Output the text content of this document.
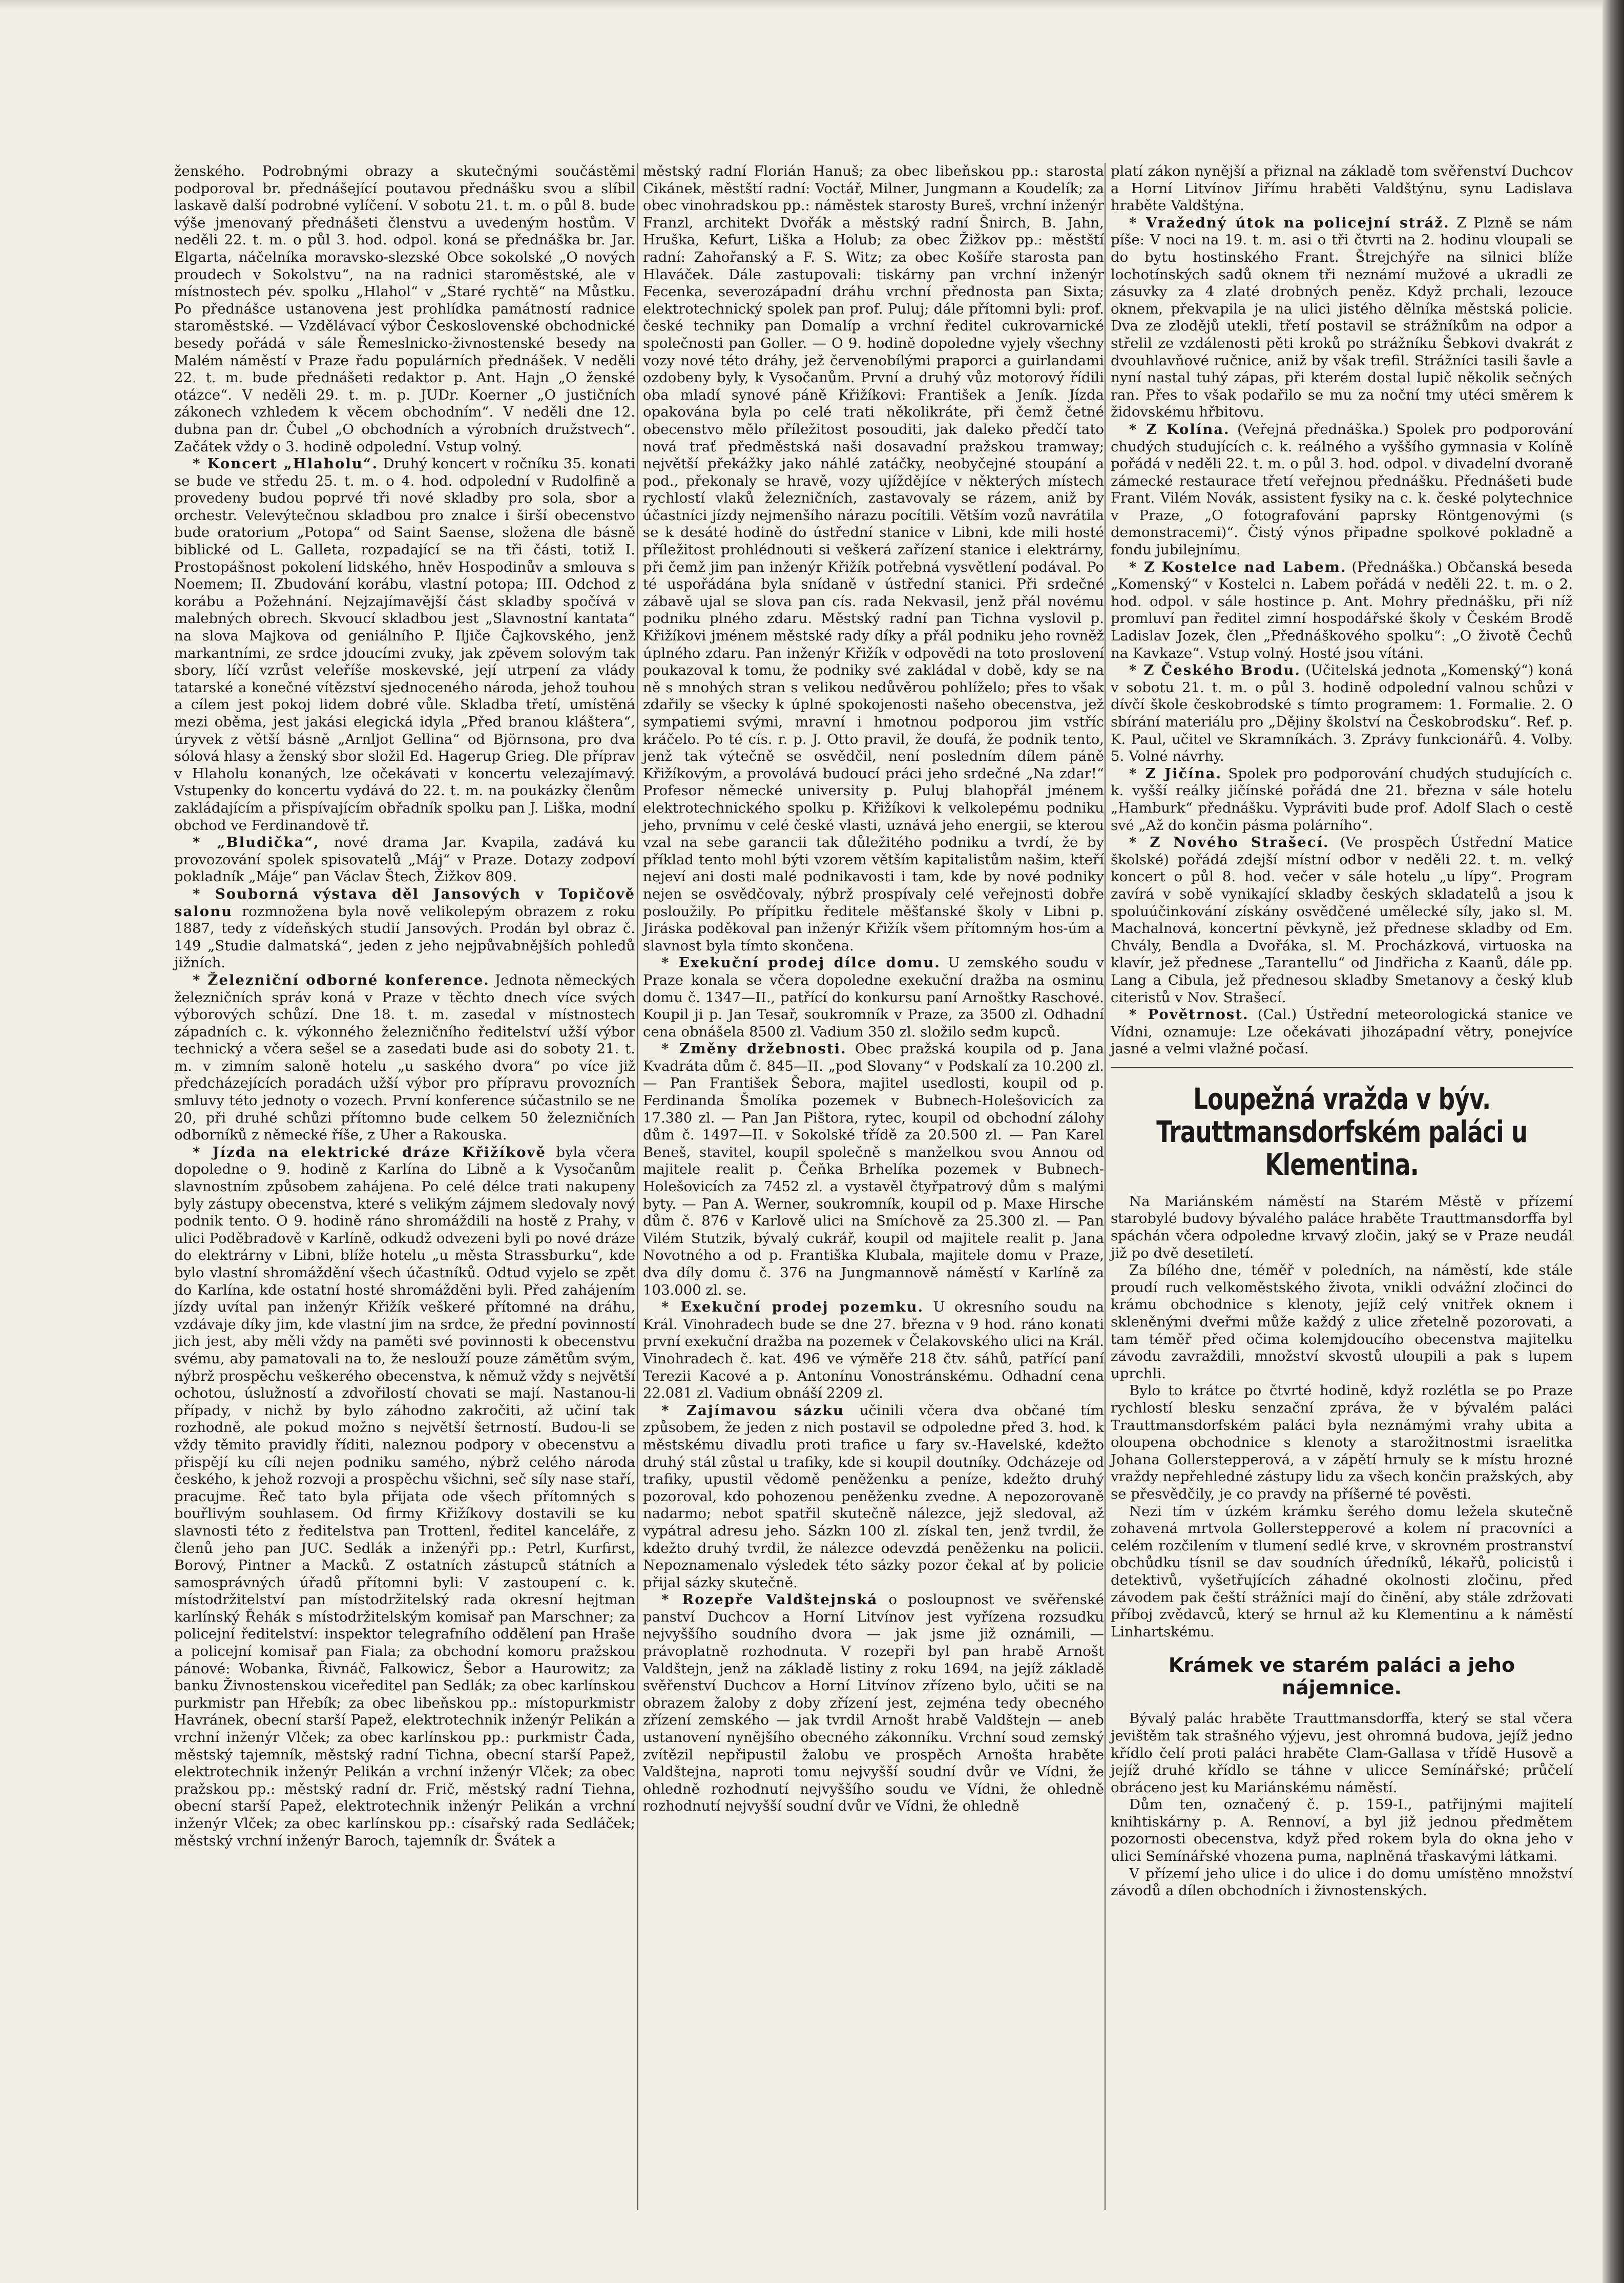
ženského. Podrobnými obrazy a skutečnými součástěmi podporoval br. přednášející poutavou přednášku svou a slíbil laskavě další podrobné vylíčení. V sobotu 21. t. m. o půl 8. bude výše jmenovaný přednášeti členstvu a uvedeným hostům. V neděli 22. t. m. o půl 3. hod. odpol. koná se přednáška br. Jar. Elgarta, náčelníka moravsko-slezské Obce sokolské „O nových proudech v Sokolstvu“, na na radnici staroměstské, ale v místnostech pév. spolku „Hlahol“ v „Staré rychtě“ na Můstku. Po přednášce ustanovena jest prohlídka památností radnice staroměstské. — Vzdělávací výbor Československé obchodnické besedy pořádá v sále Řemeslnicko-živnostenské besedy na Malém náměstí v Praze řadu populárních přednášek. V neděli 22. t. m. bude přednášeti redaktor p. Ant. Hajn „O ženské otázce“. V neděli 29. t. m. p. JUDr. Koerner „O justičních zákonech vzhledem k věcem obchodním“. V neděli dne 12. dubna pan dr. Čubel „O obchodních a výrobních družstvech“. Začátek vždy o 3. hodině odpolední. Vstup volný.

* Koncert „Hlaholu“. Druhý koncert v ročníku 35. konati se bude ve středu 25. t. m. o 4. hod. odpolední v Rudolfině a provedeny budou poprvé tři nové skladby pro sola, sbor a orchestr. Velevýtečnou skladbou pro znalce i širší obecenstvo bude oratorium „Potopa“ od Saint Saense, složena dle básně biblické od L. Galleta, rozpadající se na tři části, totiž I. Prostopášnost pokolení lidského, hněv Hospodinův a smlouva s Noemem; II. Zbudování korábu, vlastní potopa; III. Odchod z korábu a Požehnání. Nejzajímavější část skladby spočívá v malebných obrech. Skvoucí skladbou jest „Slavnostní kantata“ na slova Majkova od geniálního P. Iljiče Čajkovského, jenž markantními, ze srdce jdoucími zvuky, jak zpěvem solovým tak sbory, líčí vzrůst veleříše moskevské, její utrpení za vlády tatarské a konečné vítězství sjednoceného národa, jehož touhou a cílem jest pokoj lidem dobré vůle. Skladba třetí, umístěná mezi oběma, jest jakási elegická idyla „Před branou kláštera“, úryvek z větší básně „Arnljot Gellina“ od Björnsona, pro dva sólová hlasy a ženský sbor složil Ed. Hagerup Grieg. Dle příprav v Hlaholu konaných, lze očekávati v koncertu velezajímavý. Vstupenky do koncertu vydává do 22. t. m. na poukázky členům zakládajícím a přispívajícím obřadník spolku pan J. Liška, modní obchod ve Ferdinandově tř.

* „Bludička“, nové drama Jar. Kvapila, zadává ku provozování spolek spisovatelů „Máj“ v Praze. Dotazy zodpoví pokladník „Máje“ pan Václav Štech, Žižkov 809.

* Souborná výstava děl Jansových v Topičově salonu rozmnožena byla nově velikolepým obrazem z roku 1887, tedy z vídeňských studií Jansových. Prodán byl obraz č. 149 „Studie dalmatská“, jeden z jeho nejpůvabnějších pohledů jižních.

* Železniční odborné konference. Jednota německých železničních správ koná v Praze v těchto dnech více svých výborových schůzí. Dne 18. t. m. zasedal v místnostech západních c. k. výkonného železničního ředitelství užší výbor technický a včera sešel se a zasedati bude asi do soboty 21. t. m. v zimním saloně hotelu „u saského dvora“ po více již předcházejících poradách užší výbor pro přípravu provozních smluvy této jednoty o vozech. První konference súčastnilo se ne 20, při druhé schůzi přítomno bude celkem 50 železničních odborníků z německé říše, z Uher a Rakouska.

* Jízda na elektrické dráze Křižíkově byla včera dopoledne o 9. hodině z Karlína do Libně a k Vysočanům slavnostním způsobem zahájena. Po celé délce trati nakupeny byly zástupy obecenstva, které s velikým zájmem sledovaly nový podnik tento. O 9. hodině ráno shromáždili na hostě z Prahy, v ulici Poděbradově v Karlíně, odkudž odvezeni byli po nové dráze do elektrárny v Libni, blíže hotelu „u města Strassburku“, kde bylo vlastní shromáždění všech účastníků. Odtud vyjelo se zpět do Karlína, kde ostatní hosté shromážděni byli. Před zahájením jízdy uvítal pan inženýr Křižík veškeré přítomné na dráhu, vzdávaje díky jim, kde vlastní jim na srdce, že přední povinností jich jest, aby měli vždy na paměti své povinnosti k obecenstvu svému, aby pamatovali na to, že neslouží pouze zámětům svým, nýbrž prospěchu veškerého obecenstva, k němuž vždy s největší ochotou, úslužností a zdvořilostí chovati se mají. Nastanou-li případy, v nichž by bylo záhodno zakročiti, až učiní tak rozhodně, ale pokud možno s největší šetrností. Budou-li se vždy těmito pravidly říditi, naleznou podpory v obecenstvu a přispějí ku cíli nejen podniku samého, nýbrž celého národa českého, k jehož rozvoji a prospěchu všichni, seč síly nase staří, pracujme. Řeč tato byla přijata ode všech přítomných s bouřlivým souhlasem. Od firmy Křižíkovy dostavili se ku slavnosti této z ředitelstva pan Trottenl, ředitel kanceláře, z členů jeho pan JUC. Sedlák a inženýři pp.: Petrl, Kurfirst, Borový, Pintner a Macků. Z ostatních zástupců státních a samosprávných úřadů přítomni byli: V zastoupení c. k. místodržitelství pan místodržitelský rada okresní hejtman karlínský Řehák s místodržitelským komisař pan Marschner; za policejní ředitelství: inspektor telegrafního oddělení pan Hraše a policejní komisař pan Fiala; za obchodní komoru pražskou pánové: Wobanka, Řivnáč, Falkowicz, Šebor a Haurowitz; za banku Živnostenskou viceředitel pan Sedlák; za obec karlínskou purkmistr pan Hřebík; za obec libeňskou pp.: místopurkmistr Havránek, obecní starší Papež, elektrotechnik inženýr Pelikán a vrchní inženýr Vlček; za obec karlínskou pp.: purkmistr Čada, městský tajemník, městský radní Tichna, obecní starší Papež, elektrotechnik inženýr Pelikán a vrchní inženýr Vlček; za obec pražskou pp.: městský radní dr. Frič, městský radní Tiehna, obecní starší Papež, elektrotechnik inženýr Pelikán a vrchní inženýr Vlček; za obec karlínskou pp.: císařský rada Sedláček; městský vrchní inženýr Baroch, tajemník dr. Švátek a

městský radní Florián Hanuš; za obec libeňskou pp.: starosta Cikánek, městští radní: Voctář, Milner, Jungmann a Koudelík; za obec vinohradskou pp.: náměstek starosty Bureš, vrchní inženýr Franzl, architekt Dvořák a městský radní Šnirch, B. Jahn, Hruška, Kefurt, Liška a Holub; za obec Žižkov pp.: městští radní: Zahořanský a F. S. Witz; za obec Košíře starosta pan Hlaváček. Dále zastupovali: tiskárny pan vrchní inženýr Fecenka, severozápadní dráhu vrchní přednosta pan Sixta; elektrotechnický spolek pan prof. Puluj; dále přítomni byli: prof. české techniky pan Domalíp a vrchní ředitel cukrovarnické společnosti pan Goller. — O 9. hodině dopoledne vyjely všechny vozy nové této dráhy, jež červenobílými praporci a guirlandami ozdobeny byly, k Vysočanům. První a druhý vůz motorový řídili oba mladí synové páně Křižíkovi: František a Jeník. Jízda opakována byla po celé trati několikráte, při čemž četné obecenstvo mělo příležitost posouditi, jak daleko předčí tato nová trať předměstská naši dosavadní pražskou tramway; největší překážky jako náhlé zatáčky, neobyčejné stoupání a pod., překonaly se hravě, vozy ujíždějíce v některých místech rychlostí vlaků železničních, zastavovaly se rázem, aniž by účastníci jízdy nejmenšího nárazu pocítili. Větším vozů navrátila se k desáté hodině do ústřední stanice v Libni, kde mili hosté příležitost prohlédnouti si veškerá zařízení stanice i elektrárny, při čemž jim pan inženýr Křižík potřebná vysvětlení podával. Po té uspořádána byla snídaně v ústřední stanici. Při srdečné zábavě ujal se slova pan cís. rada Nekvasil, jenž přál novému podniku plného zdaru. Městský radní pan Tichna vyslovil p. Křižíkovi jménem městské rady díky a přál podniku jeho rovněž úplného zdaru. Pan inženýr Křižík v odpovědi na toto proslovení poukazoval k tomu, že podniky své zakládal v době, kdy se na ně s mnohých stran s velikou nedůvěrou pohlíželo; přes to však zdařily se všecky k úplné spokojenosti našeho obecenstva, jež sympatiemi svými, mravní i hmotnou podporou jim vstříc kráčelo. Po té cís. r. p. J. Otto pravil, že doufá, že podnik tento, jenž tak výtečně se osvědčil, není posledním dílem páně Křižíkovým, a provolává budoucí práci jeho srdečné „Na zdar!“ Profesor německé university p. Puluj blahopřál jménem elektrotechnického spolku p. Křižíkovi k velkolepému podniku jeho, prvnímu v celé české vlasti, uznává jeho energii, se kterou vzal na sebe garancii tak důležitého podniku a tvrdí, že by příklad tento mohl býti vzorem větším kapitalistům našim, kteří nejeví ani dosti malé podnikavosti i tam, kde by nové podniky nejen se osvědčovaly, nýbrž prospívaly celé veřejnosti dobře posloužily. Po přípitku ředitele měšťanské školy v Libni p. Jiráska poděkoval pan inženýr Křižík všem přítomným hos-úm a slavnost byla tímto skončena.

* Exekuční prodej dílce domu. U zemského soudu v Praze konala se včera dopoledne exekuční dražba na osminu domu č. 1347—II., patřící do konkursu paní Arnoštky Raschové. Koupil ji p. Jan Tesař, soukromník v Praze, za 3500 zl. Odhadní cena obnášela 8500 zl. Vadium 350 zl. složilo sedm kupců.

* Změny držebnosti. Obec pražská koupila od p. Jana Kvadráta dům č. 845—II. „pod Slovany“ v Podskalí za 10.200 zl. — Pan František Šebora, majitel usedlosti, koupil od p. Ferdinanda Šmolíka pozemek v Bubnech-Holešovicích za 17.380 zl. — Pan Jan Pištora, rytec, koupil od obchodní zálohy dům č. 1497—II. v Sokolské třídě za 20.500 zl. — Pan Karel Beneš, stavitel, koupil společně s manželkou svou Annou od majitele realit p. Čeňka Brhelíka pozemek v Bubnech-Holešovicích za 7452 zl. a vystavěl čtyřpatrový dům s malými byty. — Pan A. Werner, soukromník, koupil od p. Maxe Hirsche dům č. 876 v Karlově ulici na Smíchově za 25.300 zl. — Pan Vilém Stutzik, bývalý cukrář, koupil od majitele realit p. Jana Novotného a od p. Františka Klubala, majitele domu v Praze, dva díly domu č. 376 na Jungmannově náměstí v Karlíně za 103.000 zl. se.

* Exekuční prodej pozemku. U okresního soudu na Král. Vinohradech bude se dne 27. března v 9 hod. ráno konati první exekuční dražba na pozemek v Čelakovského ulici na Král. Vinohradech č. kat. 496 ve výměře 218 čtv. sáhů, patřící paní Terezii Kacové a p. Antonínu Vonostránskému. Odhadní cena 22.081 zl. Vadium obnáší 2209 zl.

* Zajímavou sázku učinili včera dva občané tím způsobem, že jeden z nich postavil se odpoledne před 3. hod. k městskému divadlu proti trafice u fary sv.-Havelské, kdežto druhý stál zůstal u trafiky, kde si koupil doutníky. Odcházeje od trafiky, upustil vědomě peněženku a peníze, kdežto druhý pozoroval, kdo pohozenou peněženku zvedne. A nepozorovaně nadarmo; nebot spatřil skutečně nálezce, jejž sledoval, až vypátral adresu jeho. Sázkn 100 zl. získal ten, jenž tvrdil, že kdežto druhý tvrdil, že nálezce odevzdá peněženku na policii. Nepoznamenalo výsledek této sázky pozor čekal ať by policie přijal sázky skutečně.

* Rozepře Valdštejnská o posloupnost ve svěřenské panství Duchcov a Horní Litvínov jest vyřízena rozsudku nejvyššího soudního dvora — jak jsme již oznámili, — právoplatně rozhodnuta. V rozepři byl pan hrabě Arnošt Valdštejn, jenž na základě listiny z roku 1694, na jejíž základě svěřenství Duchcov a Horní Litvínov zřízeno bylo, učiti se na obrazem žaloby z doby zřízení jest, zejména tedy obecného zřízení zemského — jak tvrdil Arnošt hrabě Valdštejn — aneb ustanovení nynějšího obecného zákonníku. Vrchní soud zemský zvítězil nepřipustil žalobu ve prospěch Arnošta hraběte Valdštejna, naproti tomu nejvyšší soudní dvůr ve Vídni, že ohledně rozhodnutí nejvyššího soudu ve Vídni, že ohledně rozhodnutí nejvyšší soudní dvůr ve Vídni, že ohledně

platí zákon nynější a přiznal na základě tom svěřenství Duchcov a Horní Litvínov Jiřímu hraběti Valdštýnu, synu Ladislava hraběte Valdštýna.

* Vražedný útok na policejní stráž. Z Plzně se nám píše: V noci na 19. t. m. asi o tři čtvrti na 2. hodinu vloupali se do bytu hostinského Frant. Štrejchýře na silnici blíže lochotínských sadů oknem tři neznámí mužové a ukradli ze zásuvky za 4 zlaté drobných peněz. Když prchali, lezouce oknem, překvapila je na ulici jistého dělníka městská policie. Dva ze zlodějů utekli, třetí postavil se strážníkům na odpor a střelil ze vzdálenosti pěti kroků po strážníku Šebkovi dvakrát z dvouhlavňové ručnice, aniž by však trefil. Strážníci tasili šavle a nyní nastal tuhý zápas, při kterém dostal lupič několik sečných ran. Přes to však podařilo se mu za noční tmy utéci směrem k židovskému hřbitovu.

* Z Kolína. (Veřejná přednáška.) Spolek pro podporování chudých studujících c. k. reálného a vyššího gymnasia v Kolíně pořádá v neděli 22. t. m. o půl 3. hod. odpol. v divadelní dvoraně zámecké restaurace třetí veřejnou přednášku. Přednášeti bude Frant. Vilém Novák, assistent fysiky na c. k. české polytechnice v Praze, „O fotografování paprsky Röntgenovými (s demonstracemi)“. Čistý výnos připadne spolkové pokladně a fondu jubilejnímu.

* Z Kostelce nad Labem. (Přednáška.) Občanská beseda „Komenský“ v Kostelci n. Labem pořádá v neděli 22. t. m. o 2. hod. odpol. v sále hostince p. Ant. Mohry přednášku, při níž promluví pan ředitel zimní hospodářské školy v Českém Brodě Ladislav Jozek, člen „Přednáškového spolku“: „O životě Čechů na Kavkaze“. Vstup volný. Hosté jsou vítáni.

* Z Českého Brodu. (Učitelská jednota „Komenský“) koná v sobotu 21. t. m. o půl 3. hodině odpolední valnou schůzi v dívčí škole českobrodské s tímto programem: 1. Formalie. 2. O sbírání materiálu pro „Dějiny školství na Českobrodsku“. Ref. p. K. Paul, učitel ve Skramníkách. 3. Zprávy funkcionářů. 4. Volby. 5. Volné návrhy.

* Z Jičína. Spolek pro podporování chudých studujících c. k. vyšší reálky jičínské pořádá dne 21. března v sále hotelu „Hamburk“ přednášku. Vypráviti bude prof. Adolf Slach o cestě své „Až do končin pásma polárního“.

* Z Nového Strašecí. (Ve prospěch Ústřední Matice školské) pořádá zdejší místní odbor v neděli 22. t. m. velký koncert o půl 8. hod. večer v sále hotelu „u lípy“. Program zavírá v sobě vynikající skladby českých skladatelů a jsou k spoluúčinkování získány osvědčené umělecké síly, jako sl. M. Machalnová, koncertní pěvkyně, jež přednese skladby od Em. Chvály, Bendla a Dvořáka, sl. M. Procházková, virtuoska na klavír, jež přednese „Tarantellu“ od Jindřicha z Kaanů, dále pp. Lang a Cibula, jež přednesou skladby Smetanovy a český klub citeristů v Nov. Strašecí.

* Povětrnost. (Cal.) Ústřední meteorologická stanice ve Vídni, oznamuje: Lze očekávati jihozápadní větry, ponejvíce jasné a velmi vlažné počasí.

Loupežná vražda v býv. Trauttmansdorfském paláci u Klementina.

Na Mariánském náměstí na Starém Městě v přízemí starobylé budovy bývalého paláce hraběte Trauttmansdorffa byl spáchán včera odpoledne krvavý zločin, jaký se v Praze neudál již po dvě desetiletí.

Za bílého dne, téměř v poledních, na náměstí, kde stále proudí ruch velkoměstského života, vnikli odvážní zločinci do krámu obchodnice s klenoty, jejíž celý vnitřek oknem i skleněnými dveřmi může každý z ulice zřetelně pozorovati, a tam téměř před očima kolemjdoucího obecenstva majitelku závodu zavraždili, množství skvostů uloupili a pak s lupem uprchli.

Bylo to krátce po čtvrté hodině, když rozlétla se po Praze rychlostí blesku senzační zpráva, že v bývalém paláci Trauttmansdorfském paláci byla neznámými vrahy ubita a oloupena obchodnice s klenoty a starožitnostmi israelitka Johana Gollerstepperová, a v zápětí hrnuly se k místu hrozné vraždy nepřehledné zástupy lidu za všech končin pražských, aby se přesvědčily, je co pravdy na příšerné té pověsti.

Nezi tím v úzkém krámku šerého domu ležela skutečně zohavená mrtvola Gollerstepperové a kolem ní pracovníci a celém rozčilením v tlumení sedlé krve, v skrovném prostranství obchůdku tísnil se dav soudních úředníků, lékařů, policistů i detektivů, vyšetřujících záhadné okolnosti zločinu, před závodem pak čeští strážníci mají do činění, aby stále zdržovati příboj zvědavců, který se hrnul až ku Klementinu a k náměstí Linhartskému.

Krámek ve starém paláci a jeho nájemnice.

Bývalý palác hraběte Trauttmansdorffa, který se stal včera jevištěm tak strašného výjevu, jest ohromná budova, jejíž jedno křídlo čelí proti paláci hraběte Clam-Gallasa v třídě Husově a jejíž druhé křídlo se táhne v ulicce Semínářské; průčelí obráceno jest ku Mariánskému náměstí.

Dům ten, označený č. p. 159-I., patřijnými majitelí knihtiskárny p. A. Rennoví, a byl již jednou předmětem pozornosti obecenstva, když před rokem byla do okna jeho v ulici Semínářské vhozena puma, naplněná třaskavými látkami.

V přízemí jeho ulice i do ulice i do domu umístěno množství závodů a dílen obchodních i živnostenských.
